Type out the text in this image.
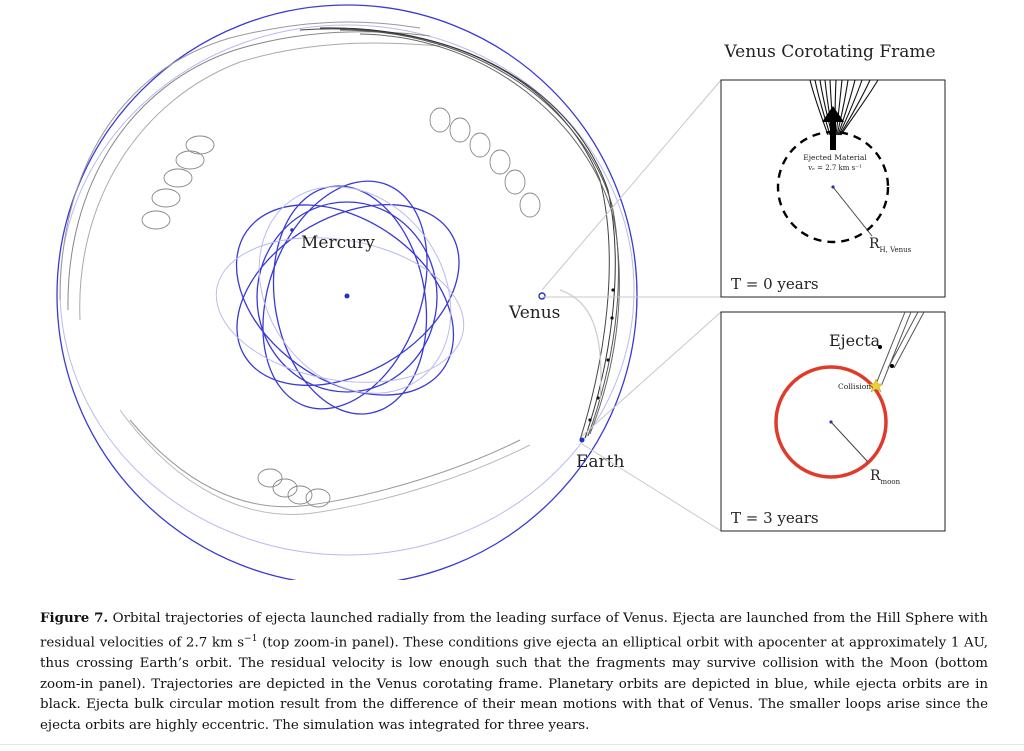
Mercury
Venus
Earth
Venus Corotating Frame
Ejected Material
vₑ = 2.7 km s⁻¹
$R_{H, Venus}$
T = 0 years
Collision
Ejecta
$R_{moon}$
T = 3 years
Figure 7. Orbital trajectories of ejecta launched radially from the leading surface of Venus. Ejecta are launched from the Hill Sphere with residual velocities of 2.7 km $s^{-1}$ (top zoom-in panel). These conditions give ejecta an elliptical orbit with apocenter at approximately 1 AU, thus crossing Earth’s orbit. The residual velocity is low enough such that the fragments may survive collision with the Moon (bottom zoom-in panel). Trajectories are depicted in the Venus corotating frame. Planetary orbits are depicted in blue, while ejecta orbits are in black. Ejecta bulk circular motion result from the difference of their mean motions with that of Venus. The smaller loops arise since the ejecta orbits are highly eccentric. The simulation was integrated for three years.
